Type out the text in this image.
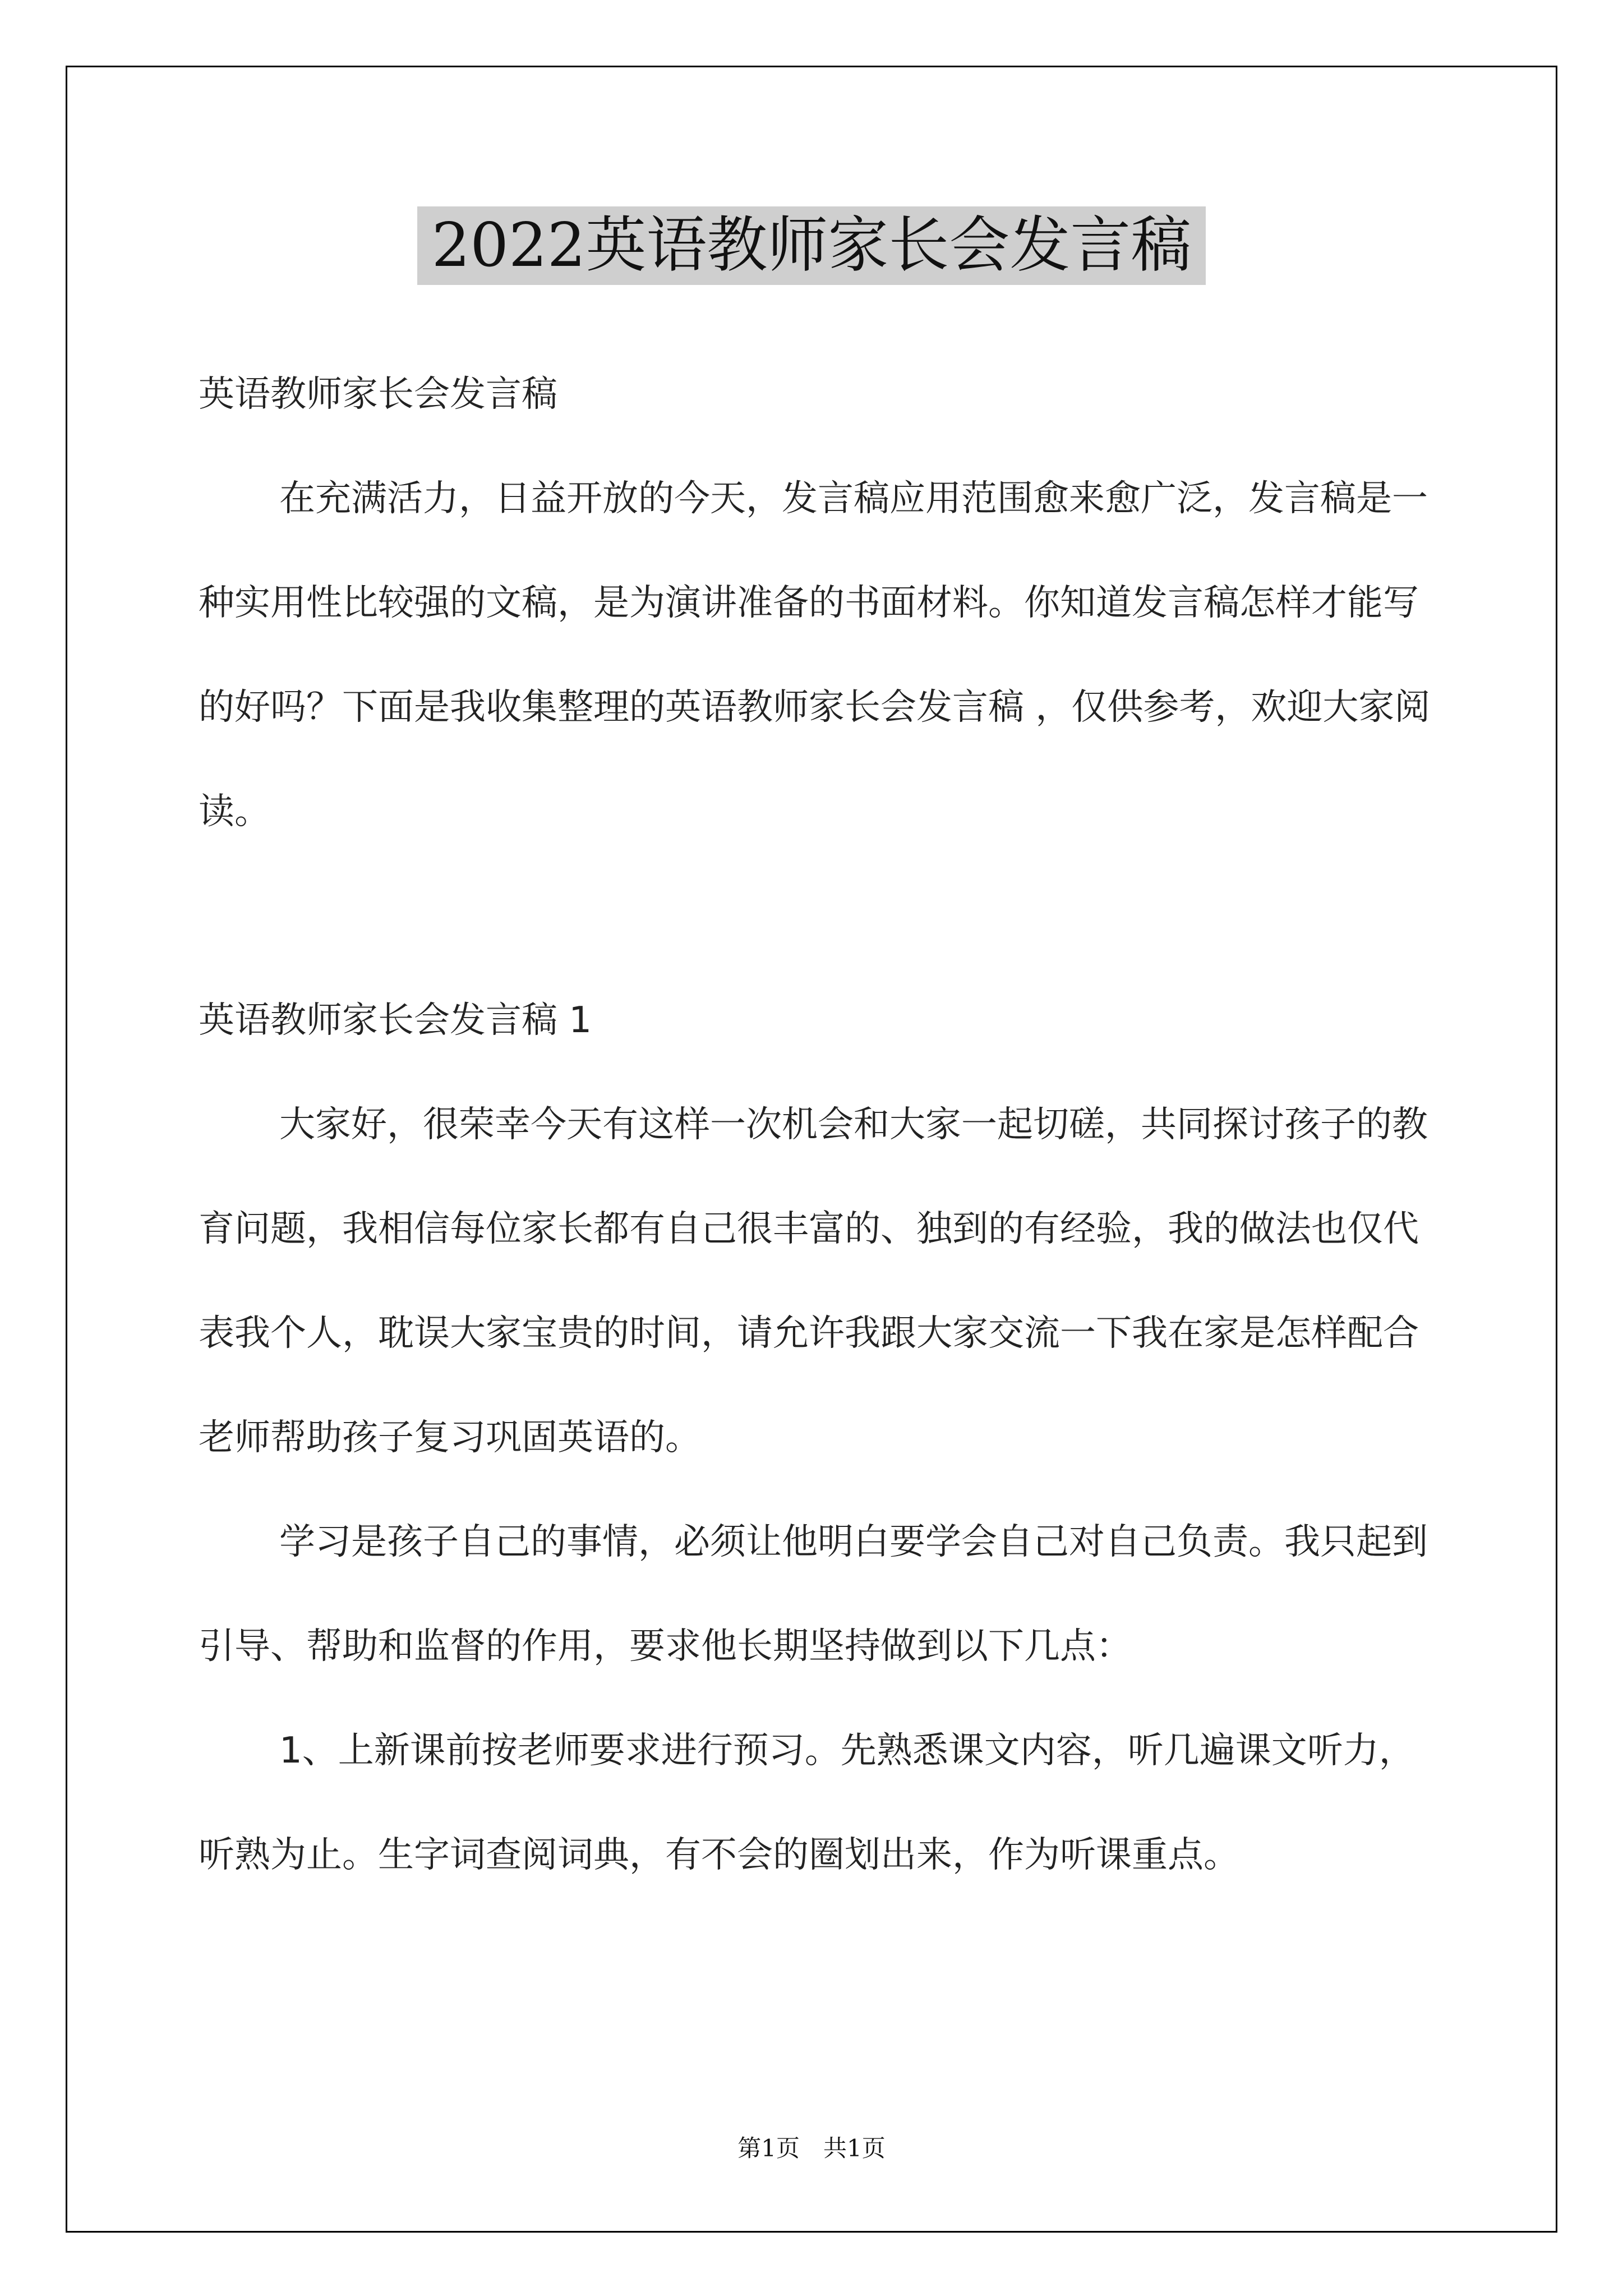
2022英语教师家长会发言稿

英语教师家长会发言稿

在充满活力，日益开放的今天，发言稿应用范围愈来愈广泛，发言稿是一种实用性比较强的文稿，是为演讲准备的书面材料。你知道发言稿怎样才能写的好吗？下面是我收集整理的英语教师家长会发言稿 ，仅供参考，欢迎大家阅读。

英语教师家长会发言稿 1

大家好，很荣幸今天有这样一次机会和大家一起切磋，共同探讨孩子的教育问题，我相信每位家长都有自己很丰富的、独到的有经验，我的做法也仅代表我个人，耽误大家宝贵的时间，请允许我跟大家交流一下我在家是怎样配合老师帮助孩子复习巩固英语的。

学习是孩子自己的事情，必须让他明白要学会自己对自己负责。我只起到引导、帮助和监督的作用，要求他长期坚持做到以下几点：

1、上新课前按老师要求进行预习。先熟悉课文内容，听几遍课文听力，听熟为止。生字词查阅词典，有不会的圈划出来，作为听课重点。

第1页　共1页
